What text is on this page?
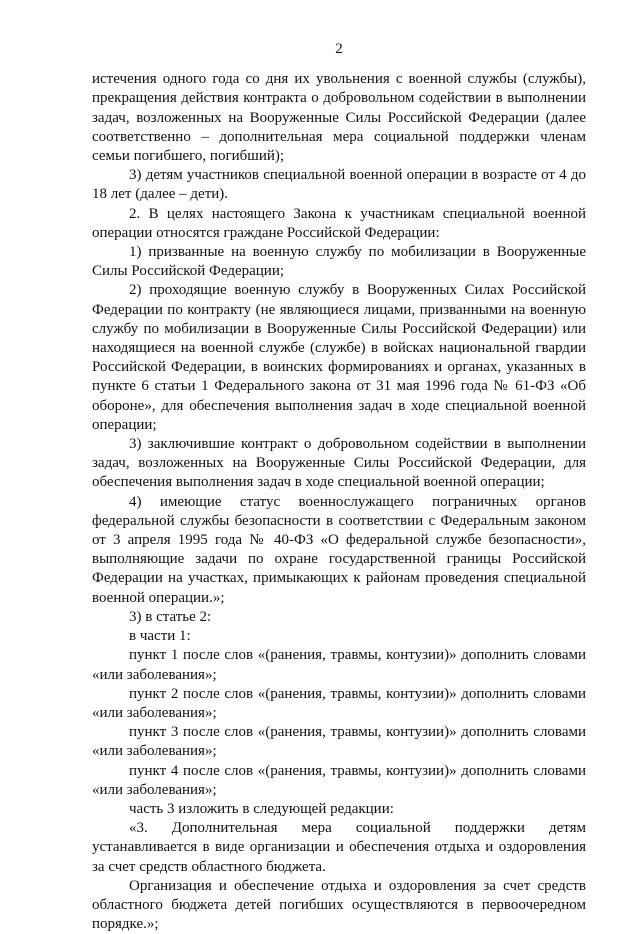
2

истечения одного года со дня их увольнения с военной службы (службы), прекращения действия контракта о добровольном содействии в выполнении задач, возложенных на Вооруженные Силы Российской Федерации (далее соответственно – дополнительная мера социальной поддержки членам семьи погибшего, погибший);

3) детям участников специальной военной операции в возрасте от 4 до 18 лет (далее – дети).

2. В целях настоящего Закона к участникам специальной военной операции относятся граждане Российской Федерации:

1) призванные на военную службу по мобилизации в Вооруженные Силы Российской Федерации;

2) проходящие военную службу в Вооруженных Силах Российской Федерации по контракту (не являющиеся лицами, призванными на военную службу по мобилизации в Вооруженные Силы Российской Федерации) или находящиеся на военной службе (службе) в войсках национальной гвардии Российской Федерации, в воинских формированиях и органах, указанных в пункте 6 статьи 1 Федерального закона от 31 мая 1996 года № 61-ФЗ «Об обороне», для обеспечения выполнения задач в ходе специальной военной операции;

3) заключившие контракт о добровольном содействии в выполнении задач, возложенных на Вооруженные Силы Российской Федерации, для обеспечения выполнения задач в ходе специальной военной операции;

4) имеющие статус военнослужащего пограничных органов федеральной службы безопасности в соответствии с Федеральным законом от 3 апреля 1995 года № 40-ФЗ «О федеральной службе безопасности», выполняющие задачи по охране государственной границы Российской Федерации на участках, примыкающих к районам проведения специальной военной операции.»;

3) в статье 2:

в части 1:

пункт 1 после слов «(ранения, травмы, контузии)» дополнить словами «или заболевания»;

пункт 2 после слов «(ранения, травмы, контузии)» дополнить словами «или заболевания»;

пункт 3 после слов «(ранения, травмы, контузии)» дополнить словами «или заболевания»;

пункт 4 после слов «(ранения, травмы, контузии)» дополнить словами «или заболевания»;

часть 3 изложить в следующей редакции:

«3. Дополнительная мера социальной поддержки детям устанавливается в виде организации и обеспечения отдыха и оздоровления за счет средств областного бюджета.

Организация и обеспечение отдыха и оздоровления за счет средств областного бюджета детей погибших осуществляются в первоочередном порядке.»;
